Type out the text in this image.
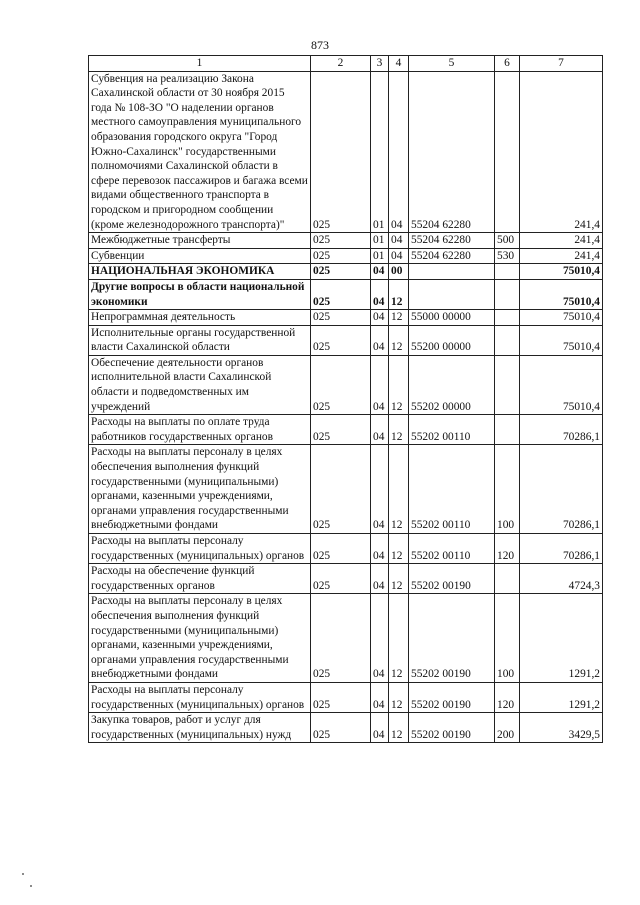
873
1	2	3	4	5	6	7
Субвенция на реализацию Закона Сахалинской области от 30 ноября 2015 года № 108-ЗО "О наделении органов местного самоуправления муниципального образования городского округа "Город Южно-Сахалинск" государственными полномочиями Сахалинской области в сфере перевозок пассажиров и багажа всеми видами общественного транспорта в городском и пригородном сообщении (кроме железнодорожного транспорта)"	025	01	04	55204 62280		241,4
Межбюджетные трансферты	025	01	04	55204 62280	500	241,4
Субвенции	025	01	04	55204 62280	530	241,4
НАЦИОНАЛЬНАЯ ЭКОНОМИКА	025	04	00			75010,4
Другие вопросы в области национальной экономики	025	04	12			75010,4
Непрограммная деятельность	025	04	12	55000 00000		75010,4
Исполнительные органы государственной власти Сахалинской области	025	04	12	55200 00000		75010,4
Обеспечение деятельности органов исполнительной власти Сахалинской области и подведомственных им учреждений	025	04	12	55202 00000		75010,4
Расходы на выплаты по оплате труда работников государственных органов	025	04	12	55202 00110		70286,1
Расходы на выплаты персоналу в целях обеспечения выполнения функций государственными (муниципальными) органами, казенными учреждениями, органами управления государственными внебюджетными фондами	025	04	12	55202 00110	100	70286,1
Расходы на выплаты персоналу государственных (муниципальных) органов	025	04	12	55202 00110	120	70286,1
Расходы на обеспечение функций государственных органов	025	04	12	55202 00190		4724,3
Расходы на выплаты персоналу в целях обеспечения выполнения функций государственными (муниципальными) органами, казенными учреждениями, органами управления государственными внебюджетными фондами	025	04	12	55202 00190	100	1291,2
Расходы на выплаты персоналу государственных (муниципальных) органов	025	04	12	55202 00190	120	1291,2
Закупка товаров, работ и услуг для государственных (муниципальных) нужд	025	04	12	55202 00190	200	3429,5
